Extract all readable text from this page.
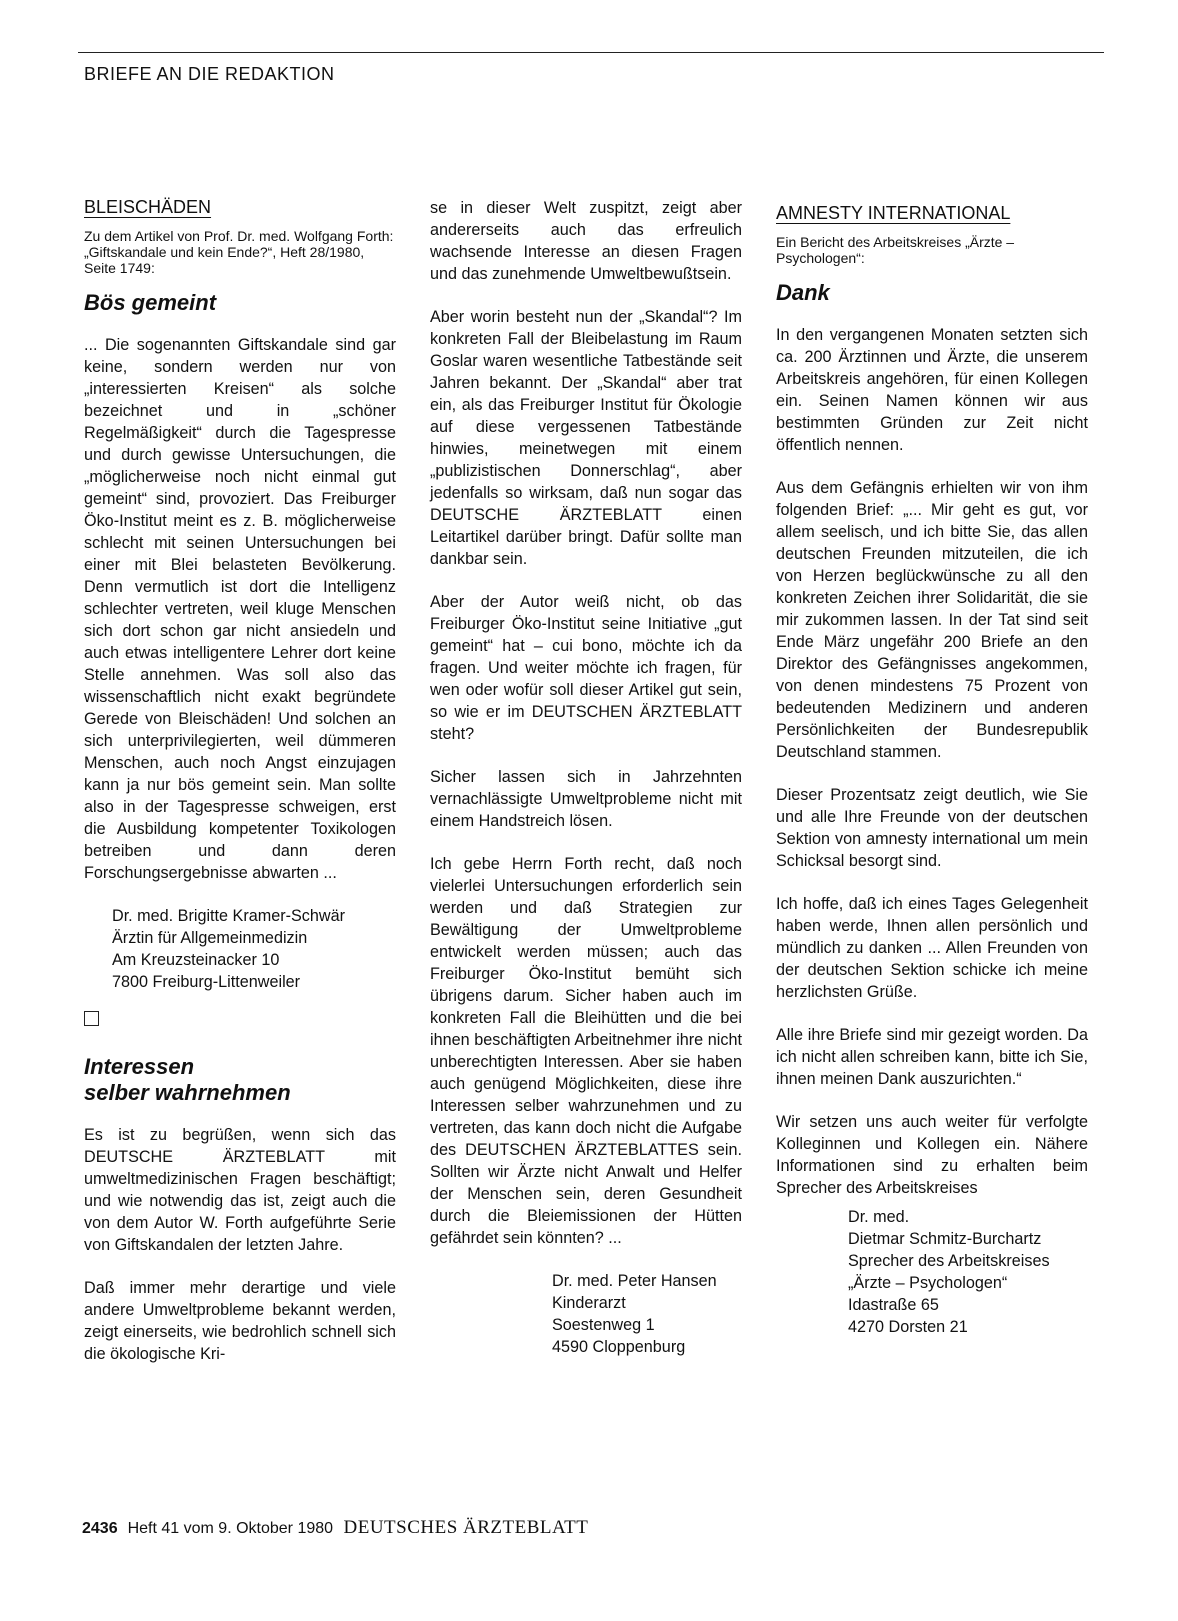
BRIEFE AN DIE REDAKTION
BLEISCHÄDEN
Zu dem Artikel von Prof. Dr. med. Wolfgang Forth: „Giftskandale und kein Ende?“, Heft 28/1980, Seite 1749:
Bös gemeint

... Die sogenannten Giftskandale sind gar keine, sondern werden nur von „interessierten Kreisen“ als solche bezeichnet und in „schöner Regelmäßigkeit“ durch die Tagespresse und durch gewisse Untersuchungen, die „möglicherweise noch nicht einmal gut gemeint“ sind, provoziert. Das Freiburger Öko-Institut meint es z. B. möglicherweise schlecht mit seinen Untersuchungen bei einer mit Blei belasteten Bevölkerung. Denn vermutlich ist dort die Intelligenz schlechter vertreten, weil kluge Menschen sich dort schon gar nicht ansiedeln und auch etwas intelligentere Lehrer dort keine Stelle annehmen. Was soll also das wissenschaftlich nicht exakt begründete Gerede von Bleischäden! Und solchen an sich unterprivilegierten, weil dümmeren Menschen, auch noch Angst einzujagen kann ja nur bös gemeint sein. Man sollte also in der Tagespresse schweigen, erst die Ausbildung kompetenter Toxikologen betreiben und dann deren Forschungsergebnisse abwarten ...

Dr. med. Brigitte Kramer-Schwär
Ärztin für Allgemeinmedizin
Am Kreuzsteinacker 10
7800 Freiburg-Littenweiler
Interessen
selber wahrnehmen

Es ist zu begrüßen, wenn sich das DEUTSCHE ÄRZTEBLATT mit umweltmedizinischen Fragen beschäftigt; und wie notwendig das ist, zeigt auch die von dem Autor W. Forth aufgeführte Serie von Giftskandalen der letzten Jahre.

Daß immer mehr derartige und viele andere Umweltprobleme bekannt werden, zeigt einerseits, wie bedrohlich schnell sich die ökologische Kri-

se in dieser Welt zuspitzt, zeigt aber andererseits auch das erfreulich wachsende Interesse an diesen Fragen und das zunehmende Umweltbewußtsein.

Aber worin besteht nun der „Skandal“? Im konkreten Fall der Bleibelastung im Raum Goslar waren wesentliche Tatbestände seit Jahren bekannt. Der „Skandal“ aber trat ein, als das Freiburger Institut für Ökologie auf diese vergessenen Tatbestände hinwies, meinetwegen mit einem „publizistischen Donnerschlag“, aber jedenfalls so wirksam, daß nun sogar das DEUTSCHE ÄRZTEBLATT einen Leitartikel darüber bringt. Dafür sollte man dankbar sein.

Aber der Autor weiß nicht, ob das Freiburger Öko-Institut seine Initiative „gut gemeint“ hat – cui bono, möchte ich da fragen. Und weiter möchte ich fragen, für wen oder wofür soll dieser Artikel gut sein, so wie er im DEUTSCHEN ÄRZTEBLATT steht?

Sicher lassen sich in Jahrzehnten vernachlässigte Umweltprobleme nicht mit einem Handstreich lösen.

Ich gebe Herrn Forth recht, daß noch vielerlei Untersuchungen erforderlich sein werden und daß Strategien zur Bewältigung der Umweltprobleme entwickelt werden müssen; auch das Freiburger Öko-Institut bemüht sich übrigens darum. Sicher haben auch im konkreten Fall die Bleihütten und die bei ihnen beschäftigten Arbeitnehmer ihre nicht unberechtigten Interessen. Aber sie haben auch genügend Möglichkeiten, diese ihre Interessen selber wahrzunehmen und zu vertreten, das kann doch nicht die Aufgabe des DEUTSCHEN ÄRZTEBLATTES sein. Sollten wir Ärzte nicht Anwalt und Helfer der Menschen sein, deren Gesundheit durch die Bleiemissionen der Hütten gefährdet sein könnten? ...

Dr. med. Peter Hansen
Kinderarzt
Soestenweg 1
4590 Cloppenburg
AMNESTY INTERNATIONAL
Ein Bericht des Arbeitskreises „Ärzte – Psychologen“:
Dank

In den vergangenen Monaten setzten sich ca. 200 Ärztinnen und Ärzte, die unserem Arbeitskreis angehören, für einen Kollegen ein. Seinen Namen können wir aus bestimmten Gründen zur Zeit nicht öffentlich nennen.

Aus dem Gefängnis erhielten wir von ihm folgenden Brief: „... Mir geht es gut, vor allem seelisch, und ich bitte Sie, das allen deutschen Freunden mitzuteilen, die ich von Herzen beglückwünsche zu all den konkreten Zeichen ihrer Solidarität, die sie mir zukommen lassen. In der Tat sind seit Ende März ungefähr 200 Briefe an den Direktor des Gefängnisses angekommen, von denen mindestens 75 Prozent von bedeutenden Medizinern und anderen Persönlichkeiten der Bundesrepublik Deutschland stammen.

Dieser Prozentsatz zeigt deutlich, wie Sie und alle Ihre Freunde von der deutschen Sektion von amnesty international um mein Schicksal besorgt sind.

Ich hoffe, daß ich eines Tages Gelegenheit haben werde, Ihnen allen persönlich und mündlich zu danken ... Allen Freunden von der deutschen Sektion schicke ich meine herzlichsten Grüße.

Alle ihre Briefe sind mir gezeigt worden. Da ich nicht allen schreiben kann, bitte ich Sie, ihnen meinen Dank auszurichten.“

Wir setzen uns auch weiter für verfolgte Kolleginnen und Kollegen ein. Nähere Informationen sind zu erhalten beim Sprecher des Arbeitskreises

Dr. med.
Dietmar Schmitz-Burchartz
Sprecher des Arbeitskreises
„Ärzte – Psychologen“
Idastraße 65
4270 Dorsten 21
2436 Heft 41 vom 9. Oktober 1980 DEUTSCHES ÄRZTEBLATT
